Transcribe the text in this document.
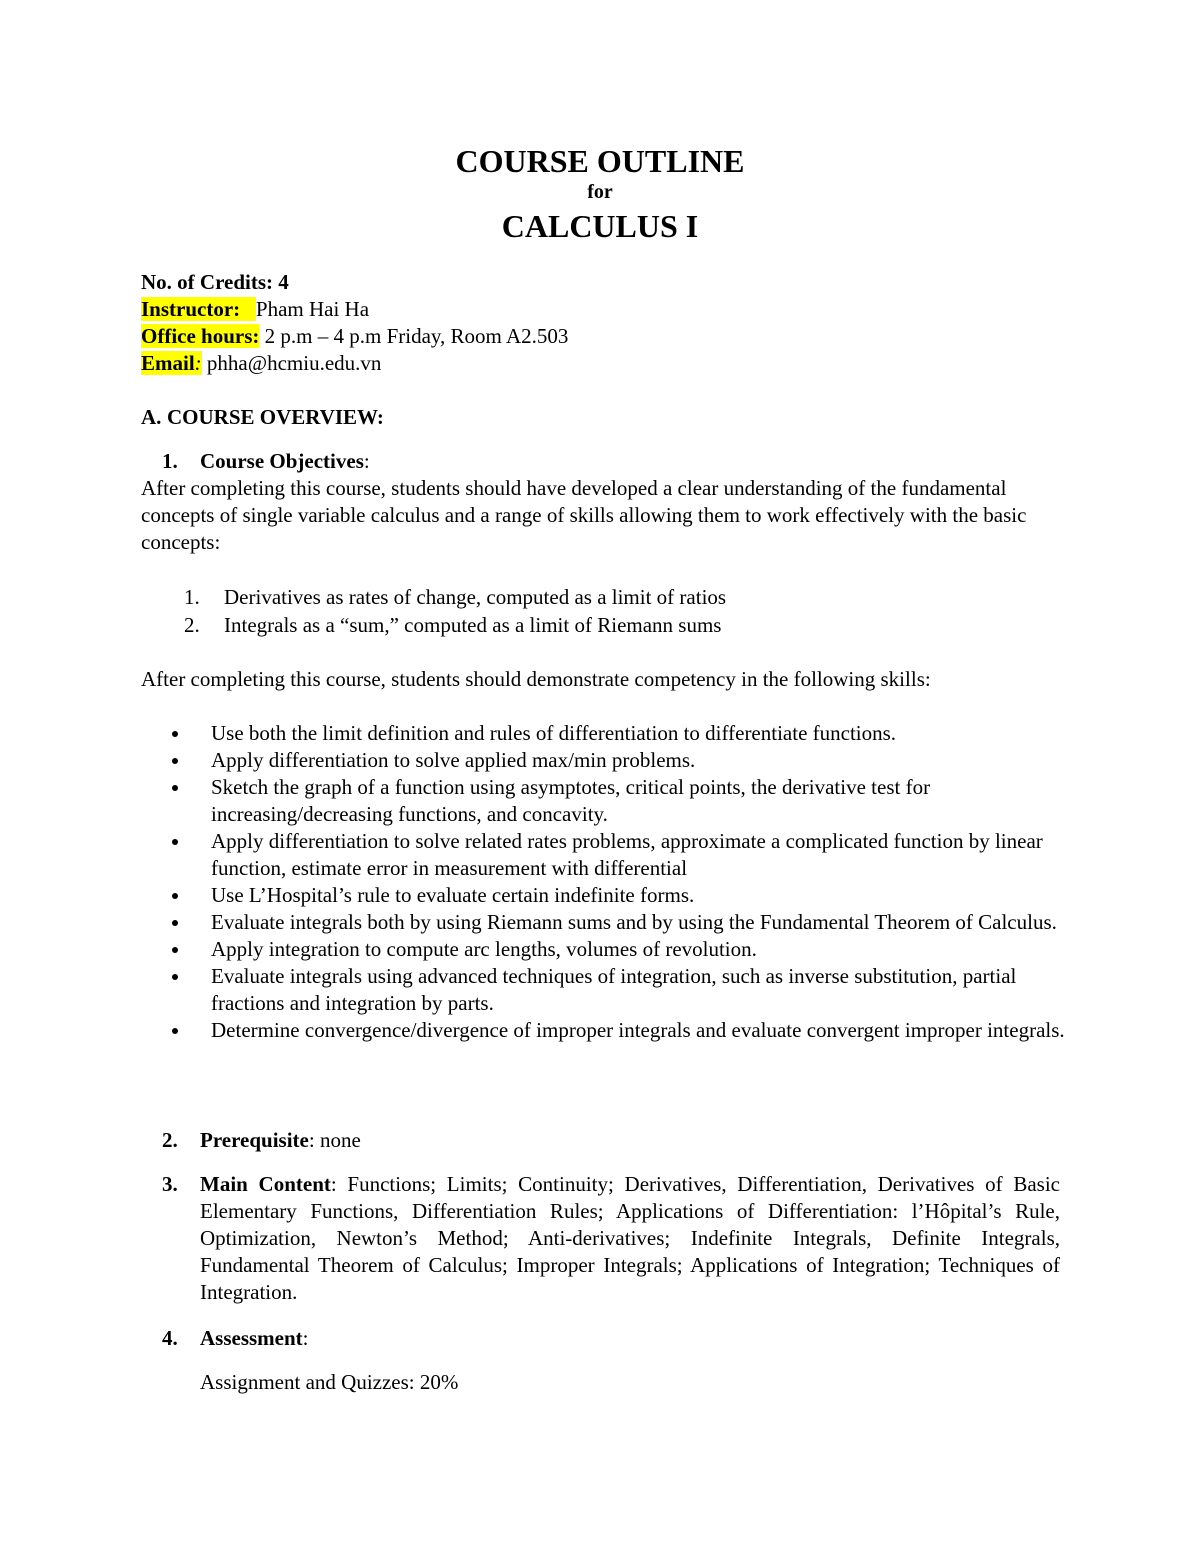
COURSE OUTLINE
for
CALCULUS I
No. of Credits: 4
Instructor: Pham Hai Ha
Office hours: 2 p.m – 4 p.m Friday, Room A2.503
Email: phha@hcmiu.edu.vn
A. COURSE OVERVIEW:
1. Course Objectives:
After completing this course, students should have developed a clear understanding of the fundamental concepts of single variable calculus and a range of skills allowing them to work effectively with the basic concepts:
1. Derivatives as rates of change, computed as a limit of ratios
2. Integrals as a “sum,” computed as a limit of Riemann sums
After completing this course, students should demonstrate competency in the following skills:
Use both the limit definition and rules of differentiation to differentiate functions.
Apply differentiation to solve applied max/min problems.
Sketch the graph of a function using asymptotes, critical points, the derivative test for increasing/decreasing functions, and concavity.
Apply differentiation to solve related rates problems, approximate a complicated function by linear function, estimate error in measurement with differential
Use L’Hospital’s rule to evaluate certain indefinite forms.
Evaluate integrals both by using Riemann sums and by using the Fundamental Theorem of Calculus.
Apply integration to compute arc lengths, volumes of revolution.
Evaluate integrals using advanced techniques of integration, such as inverse substitution, partial fractions and integration by parts.
Determine convergence/divergence of improper integrals and evaluate convergent improper integrals.
2. Prerequisite: none
3. Main Content: Functions; Limits; Continuity; Derivatives, Differentiation, Derivatives of Basic Elementary Functions, Differentiation Rules; Applications of Differentiation: l’Hôpital’s Rule, Optimization, Newton’s Method; Anti-derivatives; Indefinite Integrals, Definite Integrals, Fundamental Theorem of Calculus; Improper Integrals; Applications of Integration; Techniques of Integration.
4. Assessment:
Assignment and Quizzes: 20%
